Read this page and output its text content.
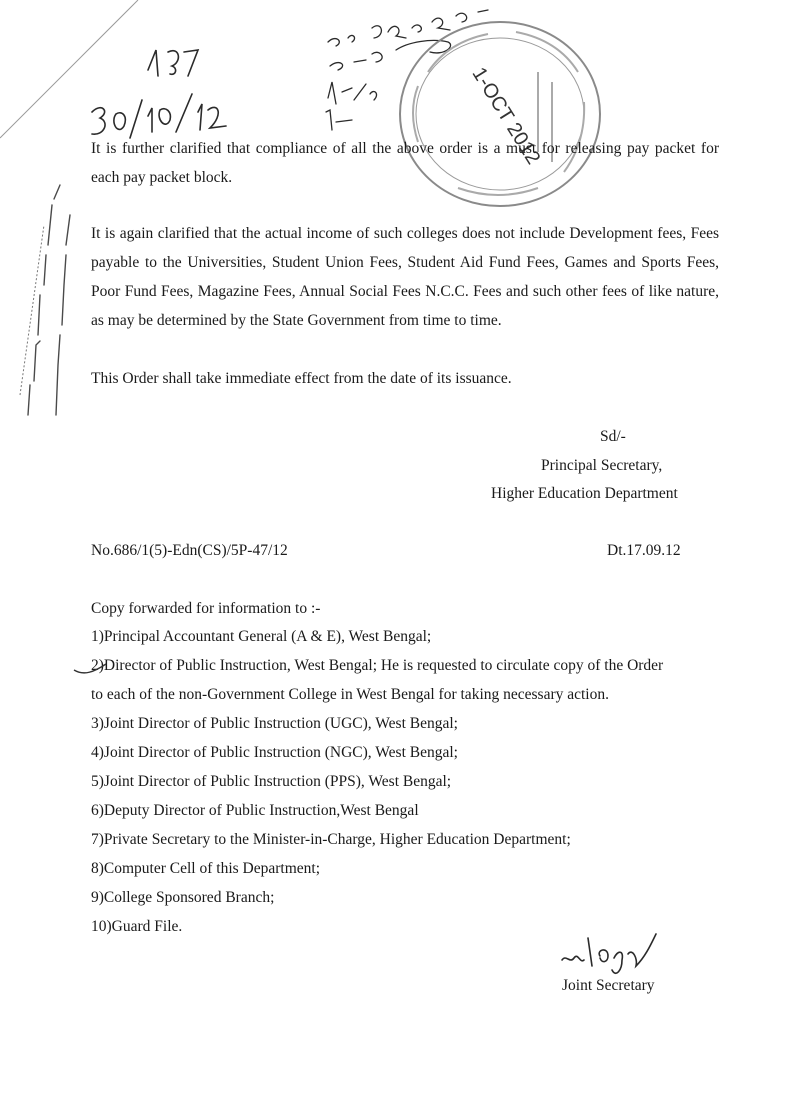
1-OCT 2012
It is further clarified that compliance of all the above order is a must for releasing pay packet for each pay packet block.
It is again clarified that the actual income of such colleges does not include Development fees, Fees payable to the Universities, Student Union Fees, Student Aid Fund Fees, Games and Sports Fees, Poor Fund Fees, Magazine Fees, Annual Social Fees N.C.C. Fees and such other fees of like nature, as may be determined by the State Government from time to time.
This Order shall take immediate effect from the date of its issuance.
Sd/-
Principal Secretary,
Higher Education Department
No.686/1(5)-Edn(CS)/5P-47/12	Dt.17.09.12
Copy forwarded for information to :-
1)Principal Accountant General (A & E), West Bengal;
2)Director of Public Instruction, West Bengal; He is requested to circulate copy of the Order
to each of the non-Government College in West Bengal for taking necessary action.
3)Joint Director of Public Instruction (UGC), West Bengal;
4)Joint Director of Public Instruction (NGC), West Bengal;
5)Joint Director of Public Instruction (PPS), West Bengal;
6)Deputy Director of Public Instruction,West Bengal
7)Private Secretary to the Minister-in-Charge, Higher Education Department;
8)Computer Cell of this Department;
9)College Sponsored Branch;
10)Guard File.
Joint Secretary
